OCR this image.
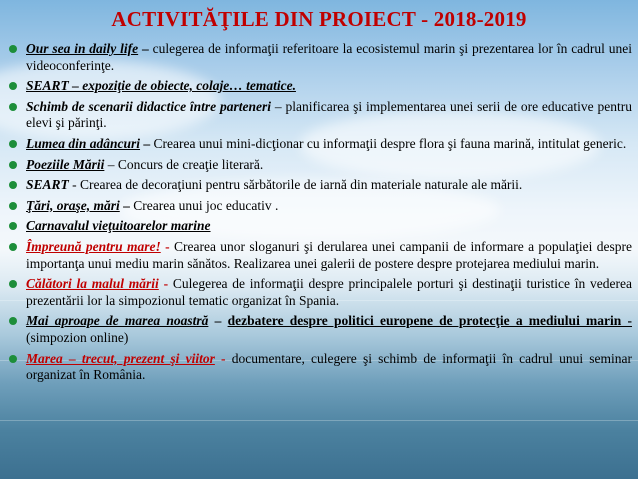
ACTIVITĂŢILE DIN PROIECT - 2018-2019
Our sea in daily life – culegerea de informaţii referitoare la ecosistemul marin şi prezentarea lor în cadrul unei videoconferinţe.
SEART – expoziţie de obiecte, colaje… tematice.
Schimb de scenarii didactice între parteneri – planificarea şi implementarea unei serii de ore educative pentru elevi şi părinţi.
Lumea din adâncuri – Crearea unui mini-dicţionar cu informaţii despre flora şi fauna marină, intitulat generic.
Poeziile Mării – Concurs de creaţie literară.
SEART - Crearea de decoraţiuni pentru sărbătorile de iarnă din materiale naturale ale mării.
Ţări, oraşe, mări – Crearea unui joc educativ .
Carnavalul vieţuitoarelor marine
Împreună pentru mare! - Crearea unor sloganuri şi derularea unei campanii de informare a populaţiei despre importanţa unui mediu marin sănătos. Realizarea unei galerii de postere despre protejarea mediului marin.
Călători la malul mării - Culegerea de informaţii despre principalele porturi şi destinaţii turistice în vederea prezentării lor la simpozionul tematic organizat în Spania.
Mai aproape de marea noastră – dezbatere despre politici europene de protecţie a mediului marin - (simpozion online)
Marea – trecut, prezent şi viitor - documentare, culegere şi schimb de informaţii în cadrul unui seminar organizat în România.
